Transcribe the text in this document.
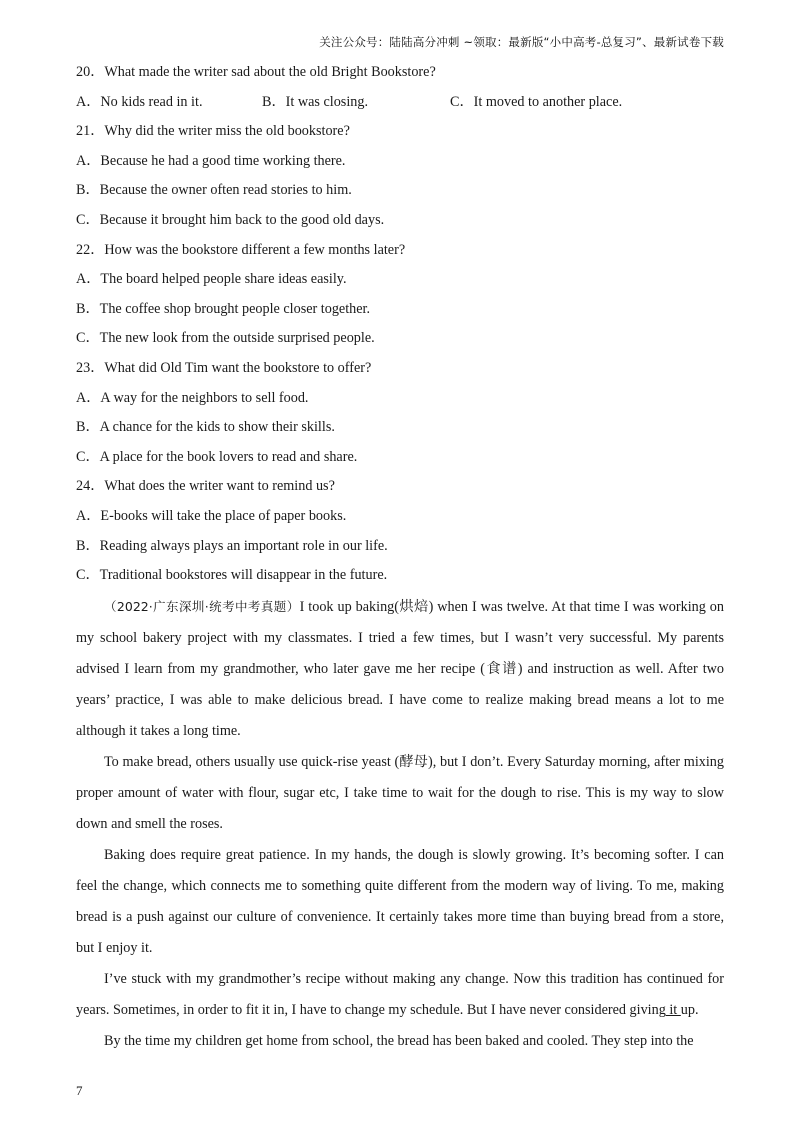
关注公众号：陆陆高分冲刺 ~领取：最新版“小中高考-总复习”、最新试卷下载
20．What made the writer sad about the old Bright Bookstore?
A．No kids read in it.	B．It was closing.	C．It moved to another place.
21．Why did the writer miss the old bookstore?
A．Because he had a good time working there.
B．Because the owner often read stories to him.
C．Because it brought him back to the good old days.
22．How was the bookstore different a few months later?
A．The board helped people share ideas easily.
B．The coffee shop brought people closer together.
C．The new look from the outside surprised people.
23．What did Old Tim want the bookstore to offer?
A．A way for the neighbors to sell food.
B．A chance for the kids to show their skills.
C．A place for the book lovers to read and share.
24．What does the writer want to remind us?
A．E-books will take the place of paper books.
B．Reading always plays an important role in our life.
C．Traditional bookstores will disappear in the future.

（2022·广东深圳·统考中考真题）I took up baking(烘焙) when I was twelve. At that time I was working on my school bakery project with my classmates. I tried a few times, but I wasn’t very successful. My parents advised I learn from my grandmother, who later gave me her recipe (食谱) and instruction as well. After two years’ practice, I was able to make delicious bread. I have come to realize making bread means a lot to me although it takes a long time.

To make bread, others usually use quick-rise yeast (酵母), but I don’t. Every Saturday morning, after mixing proper amount of water with flour, sugar etc, I take time to wait for the dough to rise. This is my way to slow down and smell the roses.

Baking does require great patience. In my hands, the dough is slowly growing. It’s becoming softer. I can feel the change, which connects me to something quite different from the modern way of living. To me, making bread is a push against our culture of convenience. It certainly takes more time than buying bread from a store, but I enjoy it.

I’ve stuck with my grandmother’s recipe without making any change. Now this tradition has continued for years. Sometimes, in order to fit it in, I have to change my schedule. But I have never considered giving it up.

By the time my children get home from school, the bread has been baked and cooled. They step into the

7
